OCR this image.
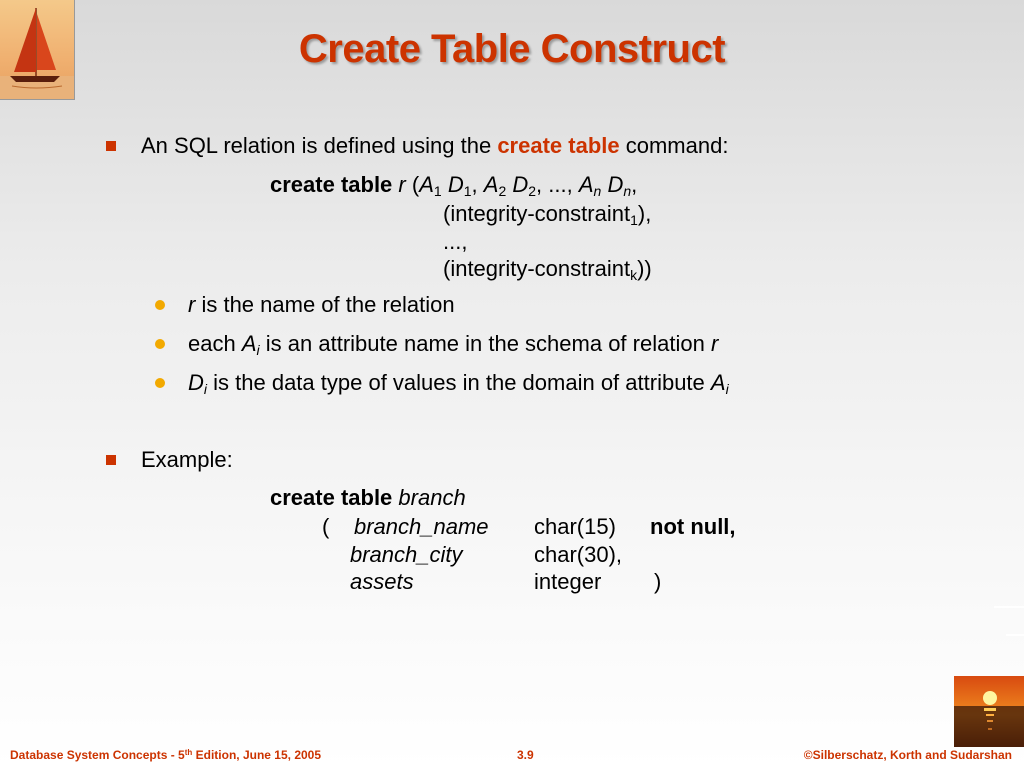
Create Table Construct
An SQL relation is defined using the create table command:
create table r ($A_1$ $D_1$, $A_2$ $D_2$, ..., $A_n$ $D_n$,
(integrity-constraint$_1$),
...,
(integrity-constraint$_k$))
r is the name of the relation
each $A_i$ is an attribute name in the schema of relation r
$D_i$ is the data type of values in the domain of attribute $A_i$
Example:
create table branch
( branch_name char(15) not null,
branch_city	char(30),
assets	integer )
Database System Concepts - 5th Edition, June 15, 2005	3.9	©Silberschatz, Korth and Sudarshan
